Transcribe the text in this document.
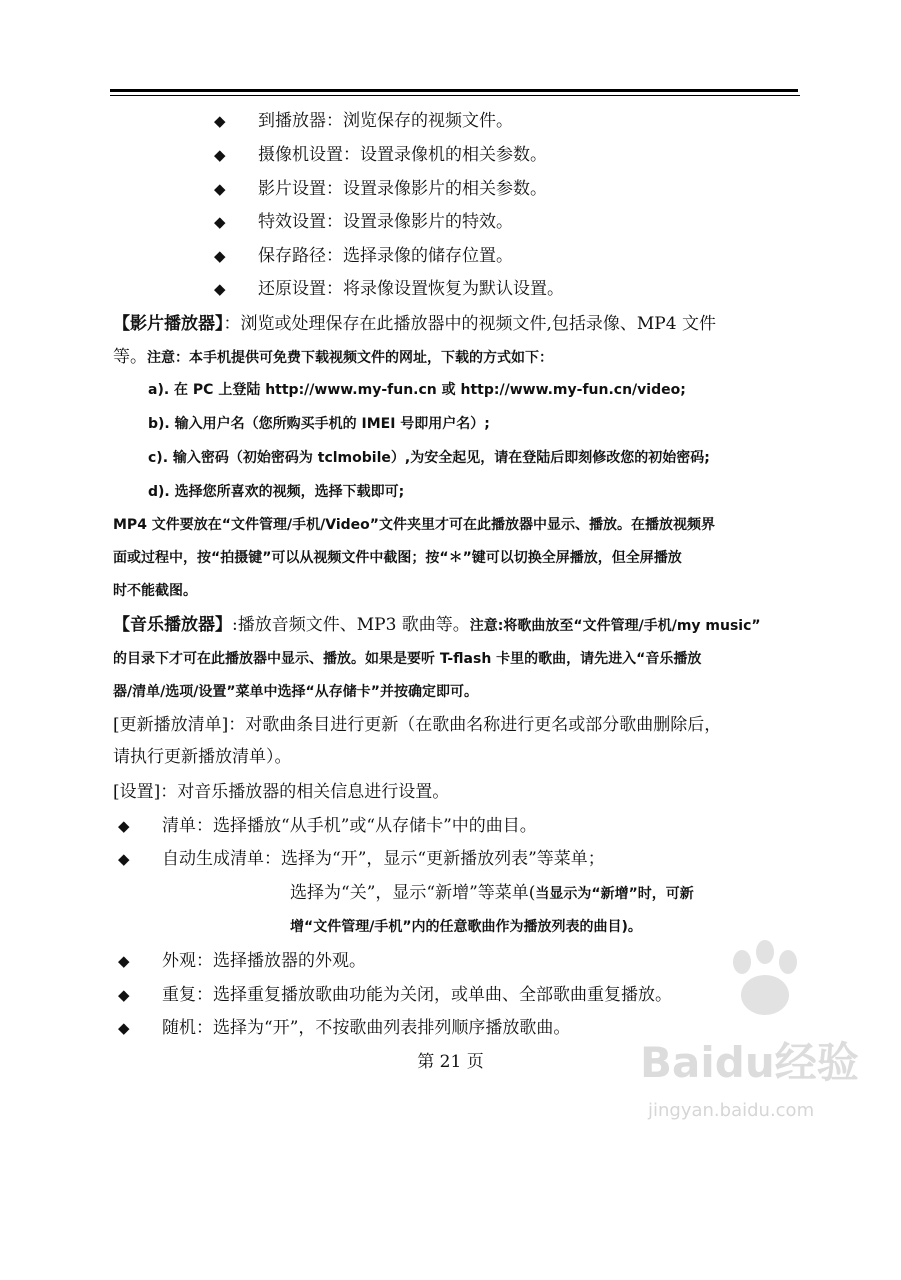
◆ 到播放器：浏览保存的视频文件。
◆ 摄像机设置：设置录像机的相关参数。
◆ 影片设置：设置录像影片的相关参数。
◆ 特效设置：设置录像影片的特效。
◆ 保存路径：选择录像的储存位置。
◆ 还原设置：将录像设置恢复为默认设置。
【影片播放器】：浏览或处理保存在此播放器中的视频文件,包括录像、MP4 文件
等。注意：本手机提供可免费下载视频文件的网址，下载的方式如下：
a). 在 PC 上登陆 http://www.my-fun.cn 或 http://www.my-fun.cn/video;
b). 输入用户名（您所购买手机的 IMEI 号即用户名）;
c). 输入密码（初始密码为 tclmobile）,为安全起见，请在登陆后即刻修改您的初始密码;
d). 选择您所喜欢的视频，选择下载即可;
MP4 文件要放在“文件管理/手机/Video”文件夹里才可在此播放器中显示、播放。在播放视频界
面或过程中，按“拍摄键”可以从视频文件中截图；按“＊”键可以切换全屏播放，但全屏播放
时不能截图。
【音乐播放器】:播放音频文件、MP3 歌曲等。注意:将歌曲放至“文件管理/手机/my music”
的目录下才可在此播放器中显示、播放。如果是要听 T-flash 卡里的歌曲，请先进入“音乐播放
器/清单/选项/设置”菜单中选择“从存储卡”并按确定即可。
[更新播放清单]：对歌曲条目进行更新（在歌曲名称进行更名或部分歌曲删除后，
请执行更新播放清单）。
[设置]：对音乐播放器的相关信息进行设置。
◆ 清单：选择播放“从手机”或“从存储卡”中的曲目。
◆ 自动生成清单：选择为“开”，显示“更新播放列表”等菜单；
选择为“关”，显示“新增”等菜单(当显示为“新增”时，可新
增“文件管理/手机”内的任意歌曲作为播放列表的曲目)。
◆ 外观：选择播放器的外观。
◆ 重复：选择重复播放歌曲功能为关闭，或单曲、全部歌曲重复播放。
◆ 随机：选择为“开”，不按歌曲列表排列顺序播放歌曲。
第 21 页	Baidu经验
jingyan.baidu.com
